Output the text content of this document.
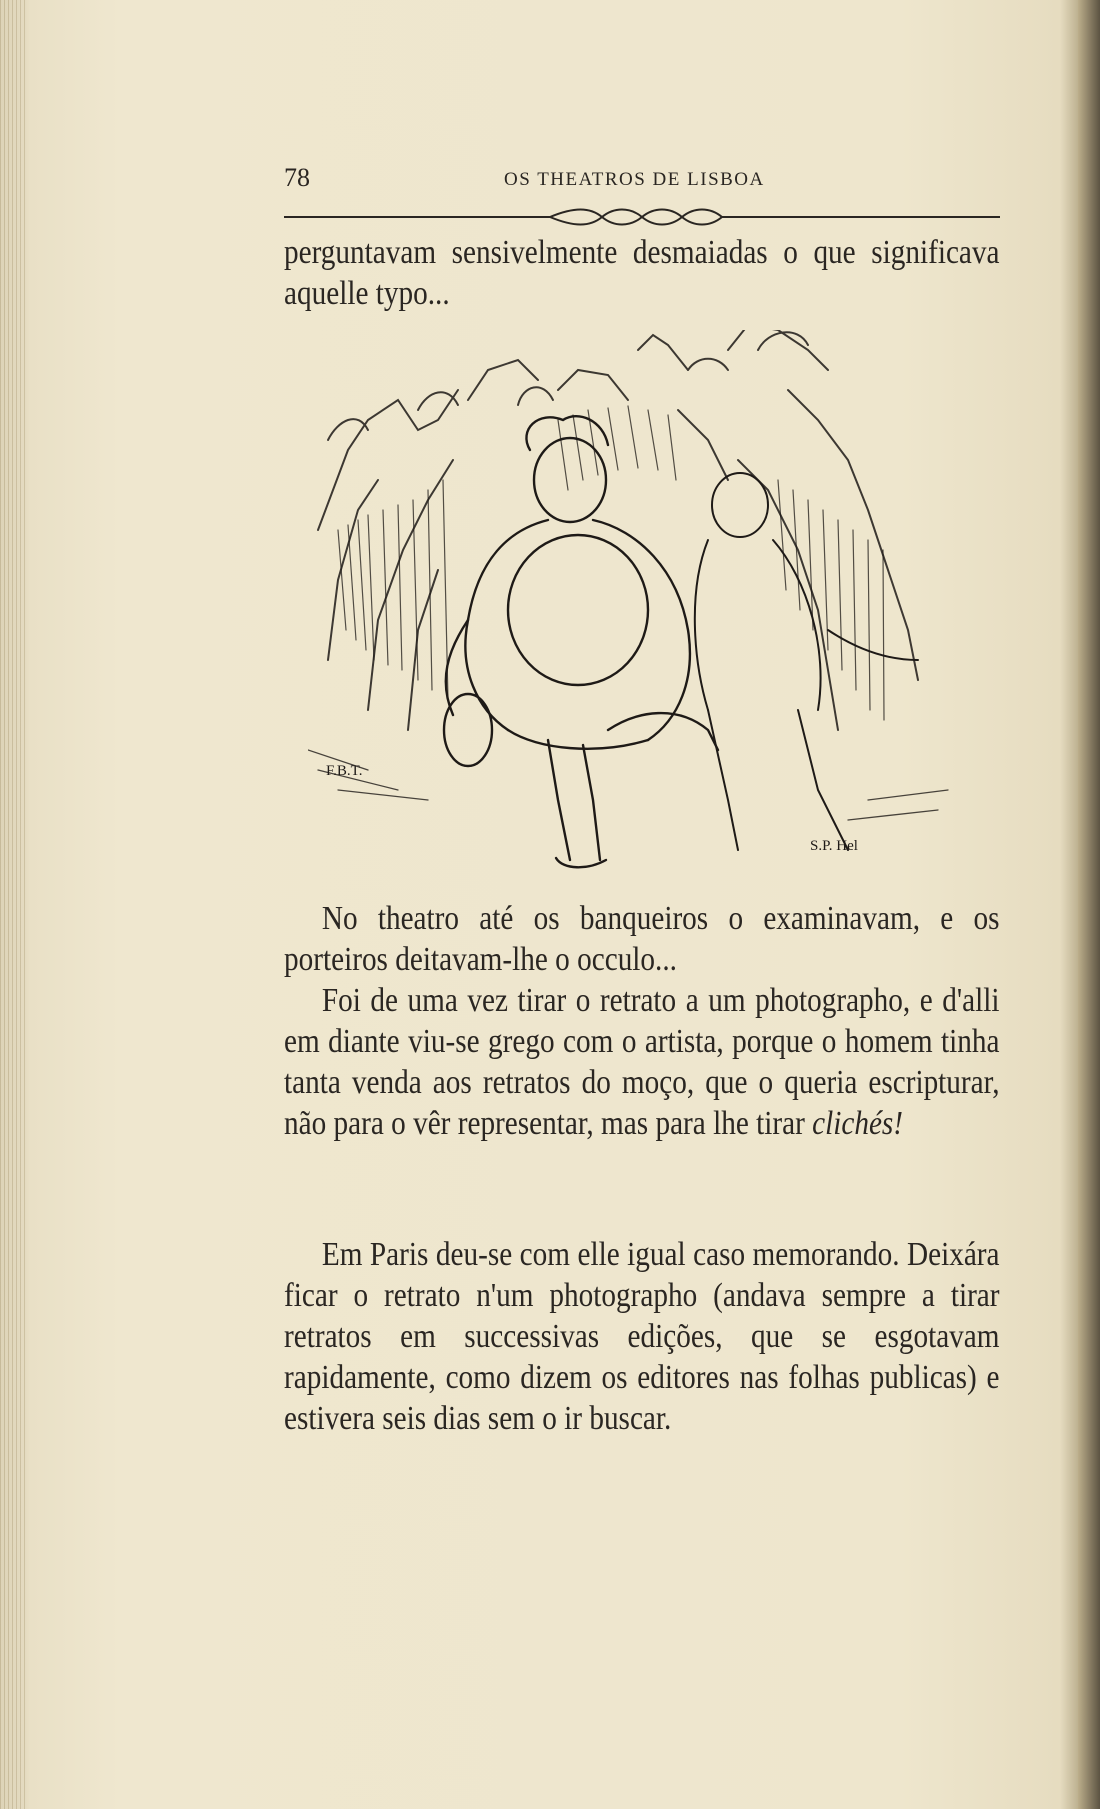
78	OS THEATROS DE LISBOA

perguntavam sensivelmente desmaiadas o que significava aquelle typo...

F.B.T.
S.P. Hel

No theatro até os banqueiros o examinavam, e os porteiros deitavam-lhe o occulo...

Foi de uma vez tirar o retrato a um photographo, e d'alli em diante viu-se grego com o artista, porque o homem tinha tanta venda aos retratos do moço, que o queria escripturar, não para o vêr representar, mas para lhe tirar clichés!

Em Paris deu-se com elle igual caso memorando. Deixára ficar o retrato n'um photographo (andava sempre a tirar retratos em successivas edições, que se esgotavam rapidamente, como dizem os editores nas folhas publicas) e estivera seis dias sem o ir buscar.
